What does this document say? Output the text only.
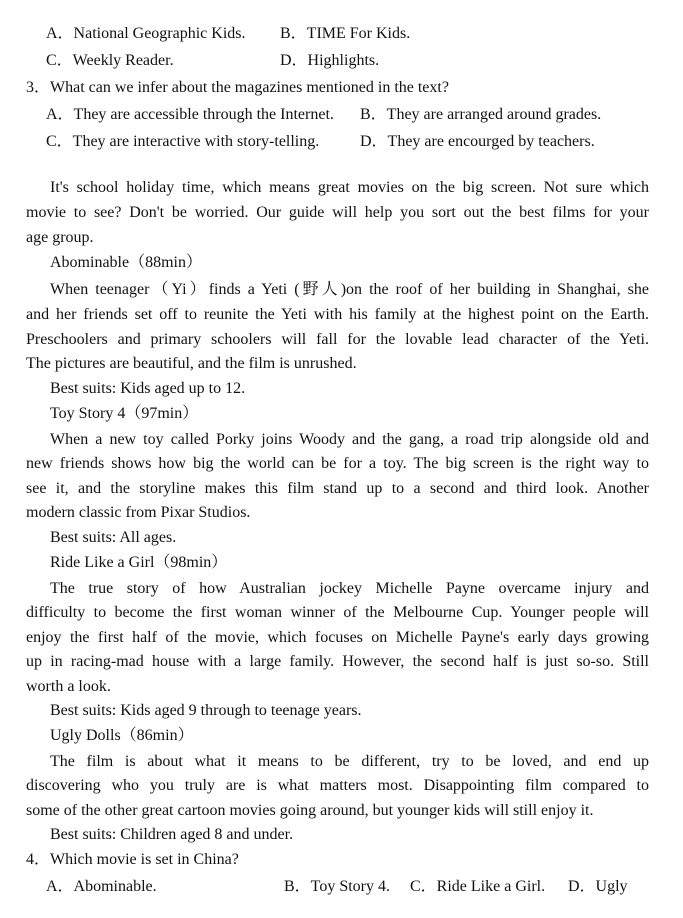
A．National Geographic Kids. B．TIME For Kids.
C．Weekly Reader.	D．Highlights.
3．What can we infer about the magazines mentioned in the text?
A．They are accessible through the Internet. B．They are arranged around grades.
C．They are interactive with story-telling.	D．They are encourged by teachers.
It's school holiday time, which means great movies on the big screen. Not sure which
movie to see? Don't be worried. Our guide will help you sort out the best films for your
age group.
Abominable（88min）
When teenager（Yi）finds a Yeti (野人)on the roof of her building in Shanghai, she
and her friends set off to reunite the Yeti with his family at the highest point on the Earth.
Preschoolers and primary schoolers will fall for the lovable lead character of the Yeti.
The pictures are beautiful, and the film is unrushed.
Best suits: Kids aged up to 12.
Toy Story 4（97min）
When a new toy called Porky joins Woody and the gang, a road trip alongside old and
new friends shows how big the world can be for a toy. The big screen is the right way to
see it, and the storyline makes this film stand up to a second and third look. Another
modern classic from Pixar Studios.
Best suits: All ages.
Ride Like a Girl（98min）
The true story of how Australian jockey Michelle Payne overcame injury and
difficulty to become the first woman winner of the Melbourne Cup. Younger people will
enjoy the first half of the movie, which focuses on Michelle Payne's early days growing
up in racing-mad house with a large family. However, the second half is just so-so. Still
worth a look.
Best suits: Kids aged 9 through to teenage years.
Ugly Dolls（86min）
The film is about what it means to be different, try to be loved, and end up
discovering who you truly are is what matters most. Disappointing film compared to
some of the other great cartoon movies going around, but younger kids will still enjoy it.
Best suits: Children aged 8 and under.
4．Which movie is set in China?
A．Abominable.	B．Toy Story 4. C．Ride Like a Girl. D．Ugly
